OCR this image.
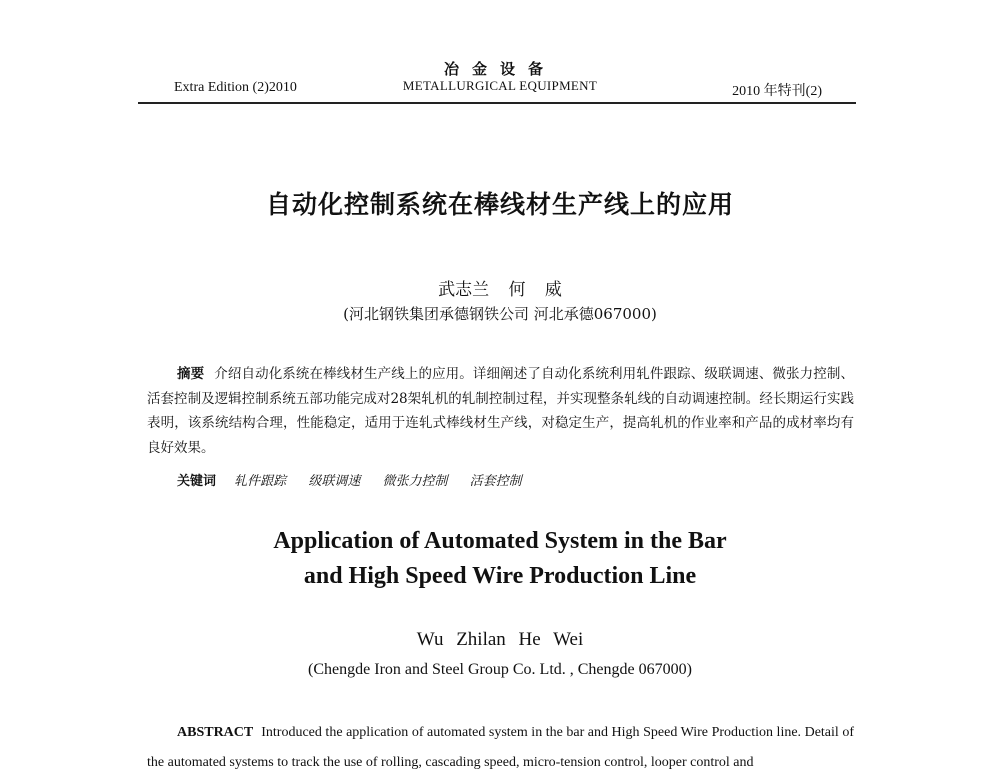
Extra Edition (2)2010
冶金设备
METALLURGICAL EQUIPMENT	2010 年特刊(2)
自动化控制系统在棒线材生产线上的应用
武志兰 何 威
(河北钢铁集团承德钢铁公司 河北承德067000)
摘要 介绍自动化系统在棒线材生产线上的应用。详细阐述了自动化系统利用轧件跟踪、级联调速、微张力控制、活套控制及逻辑控制系统五部功能完成对28架轧机的轧制控制过程，并实现整条轧线的自动调速控制。经长期运行实践表明，该系统结构合理，性能稳定，适用于连轧式棒线材生产线，对稳定生产，提高轧机的作业率和产品的成材率均有良好效果。
关键词 轧件跟踪 级联调速 微张力控制 活套控制
Application of Automated System in the Bar
and High Speed Wire Production Line
Wu Zhilan He Wei
(Chengde Iron and Steel Group Co. Ltd. , Chengde 067000)
ABSTRACT Introduced the application of automated system in the bar and High Speed Wire Production line. Detail of the automated systems to track the use of rolling, cascading speed, micro-tension control, looper control and
